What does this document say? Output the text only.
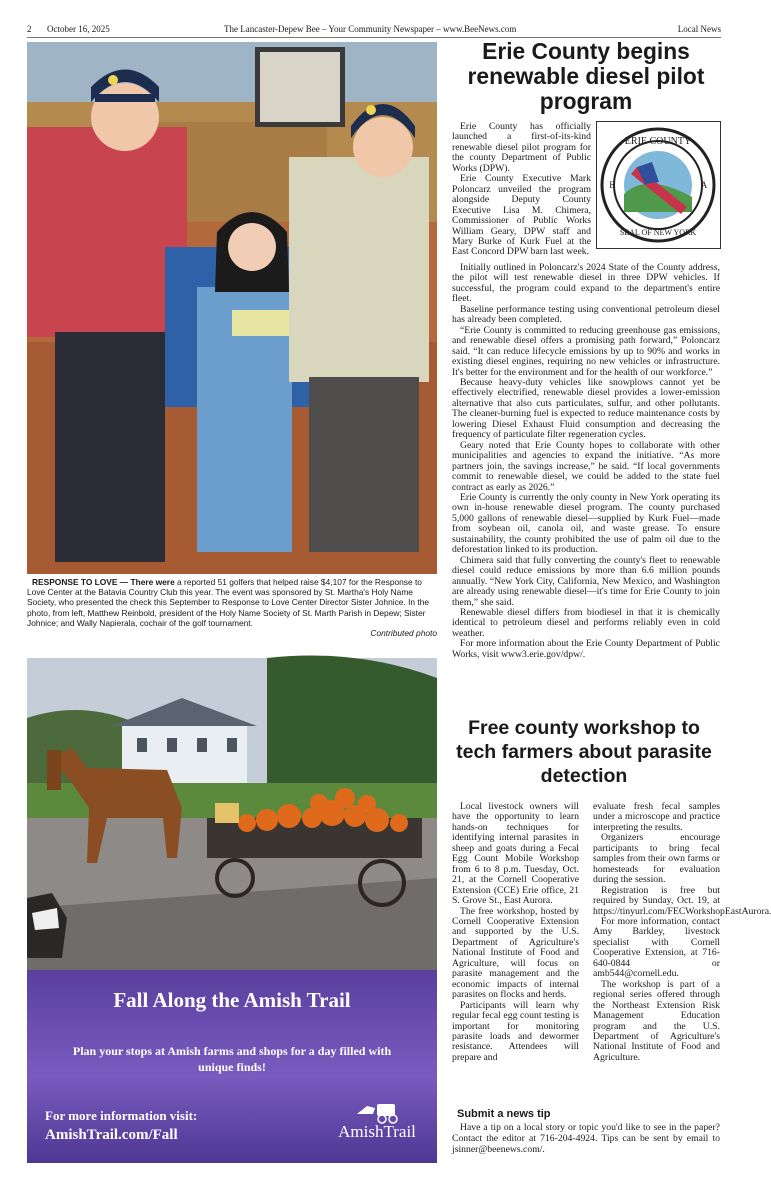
2 October 16, 2025	The Lancaster-Depew Bee – Your Community Newspaper – www.BeeNews.com	Local News
RESPONSE TO LOVE — There were a reported 51 golfers that helped raise $4,107 for the Response to Love Center at the Batavia Country Club this year. The event was sponsored by St. Martha's Holy Name Society, who presented the check this September to Response to Love Center Director Sister Johnice. In the photo, from left, Matthew Reinbold, president of the Holy Name Society of St. Marth Parish in Depew; Sister Johnice; and Wally Napierala, cochair of the golf tournament.
Contributed photo
Erie County begins renewable diesel pilot program
ERIE COUNTY
SEAL OF NEW YORK
E	A

Erie County has officially launched a first-of-its-kind renewable diesel pilot program for the county Department of Public Works (DPW).

Erie County Executive Mark Poloncarz unveiled the program alongside Deputy County Executive Lisa M. Chimera, Commissioner of Public Works William Geary, DPW staff and Mary Burke of Kurk Fuel at the East Concord DPW barn last week.

Initially outlined in Poloncarz's 2024 State of the County address, the pilot will test renewable diesel in three DPW vehicles. If successful, the program could expand to the department's entire fleet.

Baseline performance testing using conventional petroleum diesel has already been completed.

“Erie County is committed to reducing greenhouse gas emissions, and renewable diesel offers a promising path forward,” Poloncarz said. “It can reduce lifecycle emissions by up to 90% and works in existing diesel engines, requiring no new vehicles or infrastructure. It's better for the environment and for the health of our workforce.”

Because heavy-duty vehicles like snowplows cannot yet be effectively electrified, renewable diesel provides a lower-emission alternative that also cuts particulates, sulfur, and other pollutants. The cleaner-burning fuel is expected to reduce maintenance costs by lowering Diesel Exhaust Fluid consumption and decreasing the frequency of particulate filter regeneration cycles.

Geary noted that Erie County hopes to collaborate with other municipalities and agencies to expand the initiative. “As more partners join, the savings increase,” he said. “If local governments commit to renewable diesel, we could be added to the state fuel contract as early as 2026.”

Erie County is currently the only county in New York operating its own in-house renewable diesel program. The county purchased 5,000 gallons of renewable diesel—supplied by Kurk Fuel—made from soybean oil, canola oil, and waste grease. To ensure sustainability, the county prohibited the use of palm oil due to the deforestation linked to its production.

Chimera said that fully converting the county's fleet to renewable diesel could reduce emissions by more than 6.6 million pounds annually. “New York City, California, New Mexico, and Washington are already using renewable diesel—it's time for Erie County to join them,” she said.

Renewable diesel differs from biodiesel in that it is chemically identical to petroleum diesel and performs reliably even in cold weather.

For more information about the Erie County Department of Public Works, visit www3.erie.gov/dpw/.

Free county workshop to tech farmers about parasite detection

Local livestock owners will have the opportunity to learn hands-on techniques for identifying internal parasites in sheep and goats during a Fecal Egg Count Mobile Workshop from 6 to 8 p.m. Tuesday, Oct. 21, at the Cornell Cooperative Extension (CCE) Erie office, 21 S. Grove St., East Aurora.

The free workshop, hosted by Cornell Cooperative Extension and supported by the U.S. Department of Agriculture's National Institute of Food and Agriculture, will focus on parasite management and the economic impacts of internal parasites on flocks and herds.

Participants will learn why regular fecal egg count testing is important for monitoring parasite loads and dewormer resistance. Attendees will prepare and

evaluate fresh fecal samples under a microscope and practice interpreting the results.

Organizers encourage participants to bring fecal samples from their own farms or homesteads for evaluation during the session.

Registration is free but required by Sunday, Oct. 19, at https://tinyurl.com/FECWorkshopEastAurora.

For more information, contact Amy Barkley, livestock specialist with Cornell Cooperative Extension, at 716-640-0844 or amb544@cornell.edu.

The workshop is part of a regional series offered through the Northeast Extension Risk Management Education program and the U.S. Department of Agriculture's National Institute of Food and Agriculture.

Submit a news tip

Have a tip on a local story or topic you'd like to see in the paper? Contact the editor at 716-204-4924. Tips can be sent by email to jsinner@beenews.com/.

Fall Along the Amish Trail
Plan your stops at Amish farms and shops for a day filled with unique finds!
For more information visit:
AmishTrail.com/Fall	AmishTrail
